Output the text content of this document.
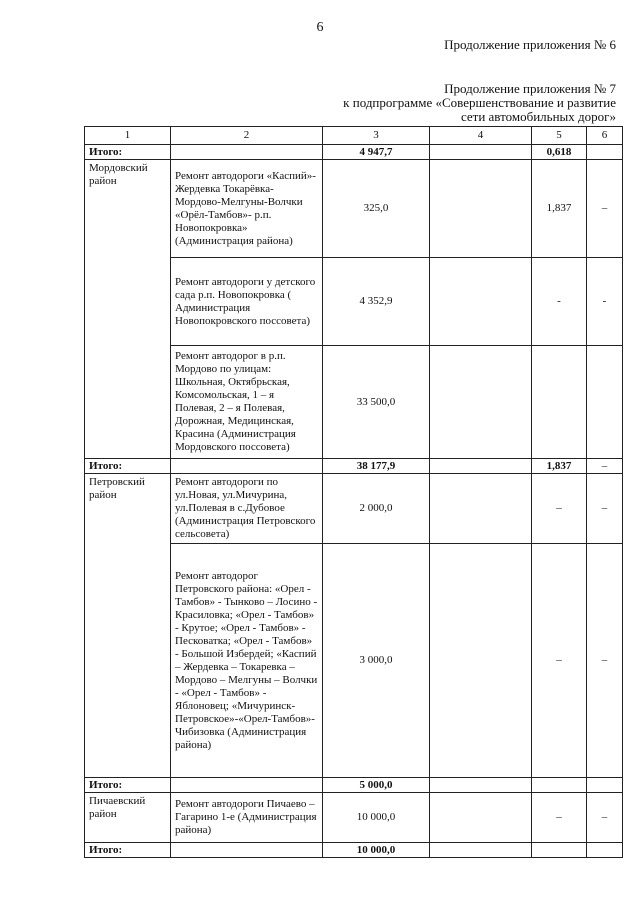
6
Продолжение приложения № 6
Продолжение приложения № 7
к подпрограмме «Совершенствование и развитие
сети автомобильных дорог»
1	2	3	4	5	6
Итого:		4 947,7		0,618	
Мордовский район	Ремонт автодороги «Каспий»-Жердевка Токарёвка-Мордово-Мелгуны-Волчки «Орёл-Тамбов»- р.п. Новопокровка» (Администрация района)	325,0		1,837	–
	Ремонт автодороги у детского сада р.п. Новопокровка ( Администрация Новопокровского поссовета)	4 352,9		-	-
	Ремонт автодорог в р.п. Мордово по улицам: Школьная, Октябрьская, Комсомольская, 1 – я Полевая, 2 – я Полевая, Дорожная, Медицинская, Красина (Администрация Мордовского поссовета)	33 500,0			
Итого:		38 177,9		1,837	–
Петровский район	Ремонт автодороги по ул.Новая, ул.Мичурина, ул.Полевая в с.Дубовое (Администрация Петровского сельсовета)	2 000,0		–	–
	Ремонт автодорог Петровского района: «Орел - Тамбов» - Тынково – Лосино - Красиловка; «Орел - Тамбов» - Крутое; «Орел - Тамбов» - Песковатка; «Орел - Тамбов» - Большой Избердей; «Каспий – Жердевка – Токаревка – Мордово – Мелгуны – Волчки - «Орел - Тамбов» - Яблоновец; «Мичуринск-Петровское»-«Орел-Тамбов»-Чибизовка (Администрация района)	3 000,0		–	–
Итого:		5 000,0			
Пичаевский район	Ремонт автодороги Пичаево – Гагарино 1-е (Администрация района)	10 000,0		–	–
Итого:		10 000,0			
